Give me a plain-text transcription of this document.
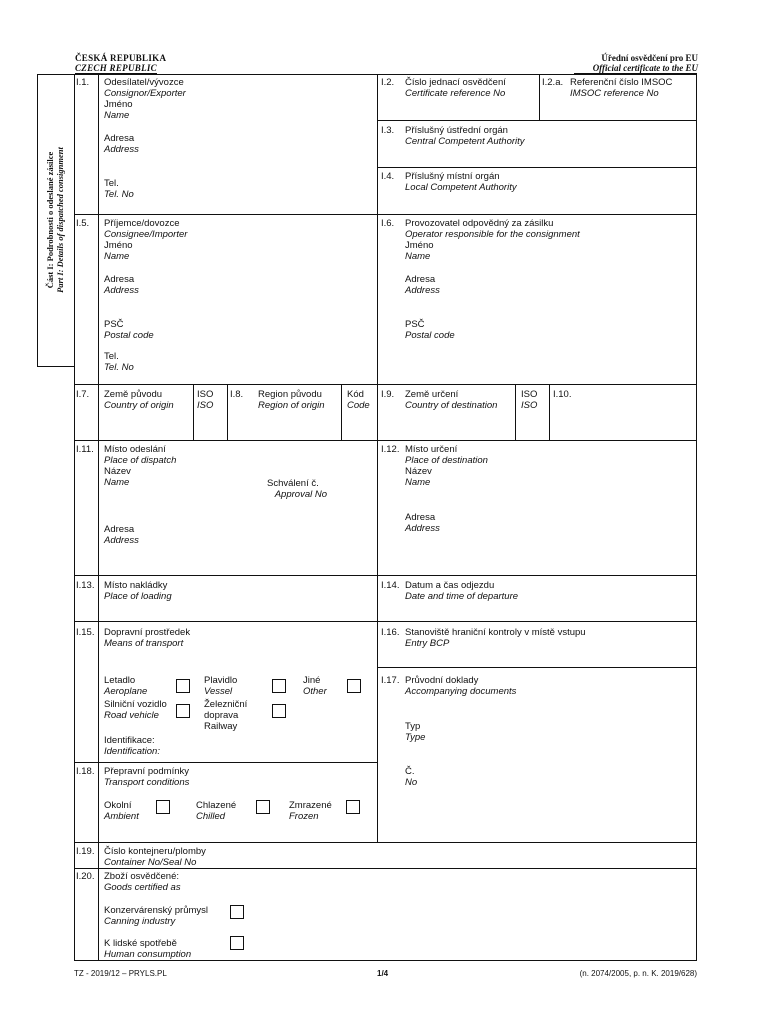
ČESKÁ REPUBLIKA
CZECH REPUBLIC
Úřední osvědčení pro EU
Official certificate to the EU
Část I: Podrobnosti o odeslané zásilce Part I: Details of dispatched consignment
I.1. Odesílatel/vývozce
Consignor/Exporter
Jméno
Name
Adresa
Address
Tel.
Tel. No
I.2. Číslo jednací osvědčení
Certificate reference No
I.2.a. Referenční číslo IMSOC
IMSOC reference No
I.3. Příslušný ústřední orgán
Central Competent Authority
I.4. Příslušný místní orgán
Local Competent Authority
I.5. Příjemce/dovozce
Consignee/Importer
Jméno
Name
Adresa
Address
PSČ
Postal code
Tel.
Tel. No
I.6. Provozovatel odpovědný za zásilku
Operator responsible for the consignment
Jméno
Name
Adresa
Address
PSČ
Postal code
I.7. Země původu
Country of origin
ISO
ISO
I.8. Region původu
Region of origin
Kód
Code
I.9. Země určení
Country of destination
ISO
ISO
I.10.
I.11. Místo odeslání
Place of dispatch
Název
Name	Schválení č.
Approval No
Adresa
Address
I.12. Místo určení
Place of destination
Název
Name
Adresa
Address
I.13. Místo nakládky
Place of loading
I.14. Datum a čas odjezdu
Date and time of departure
I.15. Dopravní prostředek
Means of transport
Letadlo
Aeroplane
Plavidlo
Vessel
Jiné
Other
Silniční vozidlo
Road vehicle
Železniční
doprava
Railway
Identifikace:
Identification:
I.16. Stanoviště hraniční kontroly v místě vstupu
Entry BCP
I.17. Průvodní doklady
Accompanying documents
Typ
Type
Č.
No
I.18. Přepravní podmínky
Transport conditions
Okolní
Ambient
Chlazené
Chilled
Zmrazené
Frozen
I.19. Číslo kontejneru/plomby
Container No/Seal No
I.20. Zboží osvědčené:
Goods certified as
Konzervárenský průmysl
Canning industry
K lidské spotřebě
Human consumption
TZ - 2019/12 – PRYLS.PL	1/4	(n. 2074/2005, p. n. K. 2019/628)
